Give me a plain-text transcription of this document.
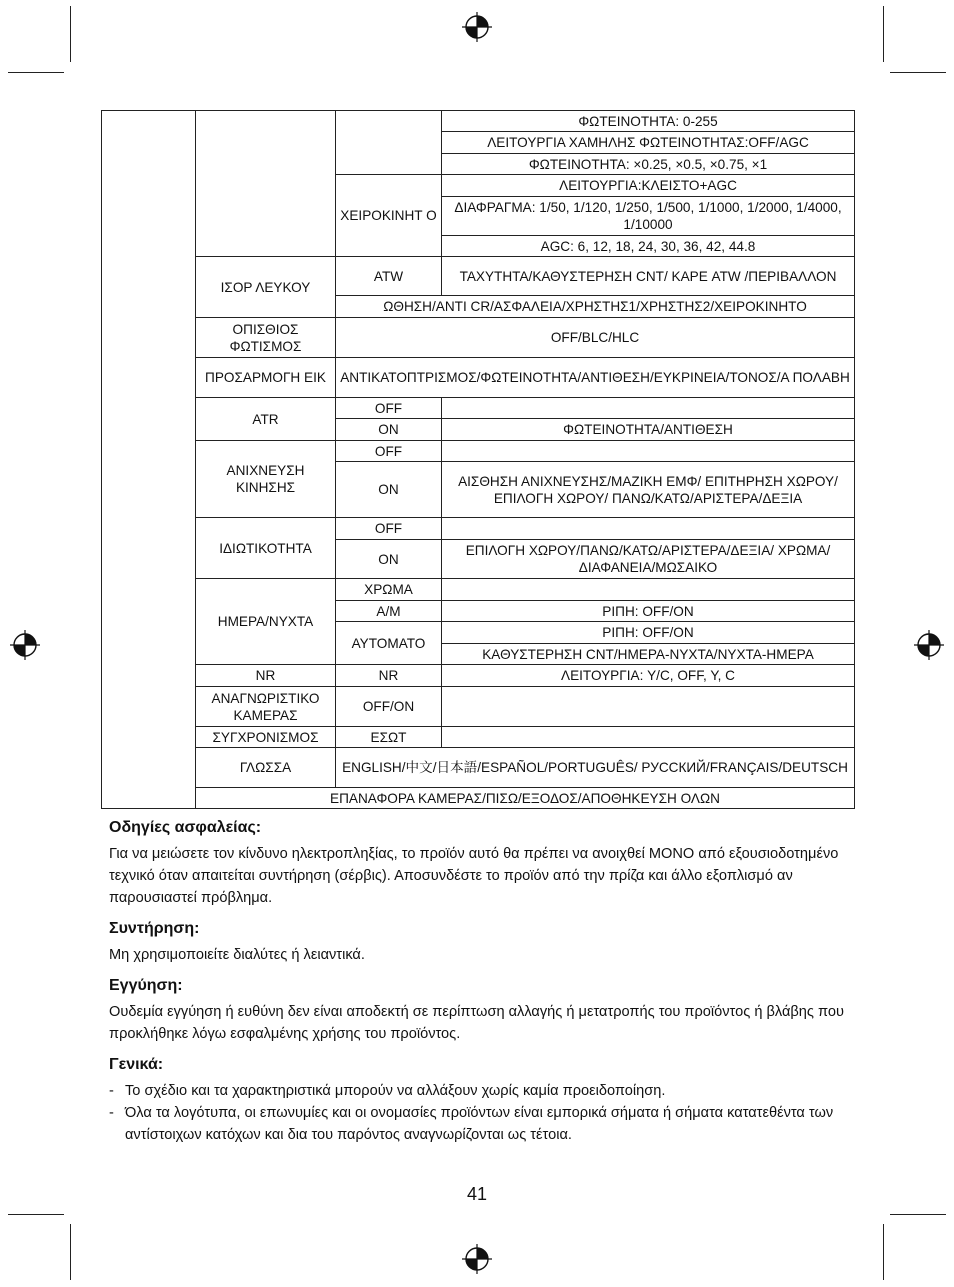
			ΦΩΤΕΙΝΟΤΗΤΑ: 0-255
			ΛΕΙΤΟΥΡΓΙΑ ΧΑΜΗΛΗΣ ΦΩΤΕΙΝΟΤΗΤΑΣ:OFF/AGC
			ΦΩΤΕΙΝΟΤΗΤΑ: ×0.25, ×0.5, ×0.75, ×1
		ΧΕΙΡΟΚΙΝΗΤ Ο	ΛΕΙΤΟΥΡΓΙΑ:ΚΛΕΙΣΤΟ+AGC
			ΔΙΑΦΡΑΓΜΑ: 1/50, 1/120, 1/250, 1/500, 1/1000, 1/2000, 1/4000, 1/10000
			AGC: 6, 12, 18, 24, 30, 36, 42, 44.8
	ΙΣΟΡ ΛΕΥΚΟΥ	ATW	ΤΑΧΥΤΗΤΑ/ΚΑΘΥΣΤΕΡΗΣΗ CNT/ ΚΑΡΕ ATW /ΠΕΡΙΒΑΛΛΟΝ
		ΩΘΗΣΗ/ΑΝΤΙ CR/ΑΣΦΑΛΕΙΑ/ΧΡΗΣΤΗΣ1/ΧΡΗΣΤΗΣ2/ΧΕΙΡΟΚΙΝΗΤΟ	
	ΟΠΙΣΘΙΟΣ ΦΩΤΙΣΜΟΣ	OFF/BLC/HLC	
	ΠΡΟΣΑΡΜΟΓΗ ΕΙΚ	ΑΝΤΙΚΑΤΟΠΤΡΙΣΜΟΣ/ΦΩΤΕΙΝΟΤΗΤΑ/ΑΝΤΙΘΕΣΗ/ΕΥΚΡΙΝΕΙΑ/ΤΟΝΟΣ/Α ΠΟΛΑΒΗ	
	ATR	OFF	
		ON	ΦΩΤΕΙΝΟΤΗΤΑ/ΑΝΤΙΘΕΣΗ
	ΑΝΙΧΝΕΥΣΗ ΚΙΝΗΣΗΣ	OFF	
		ON	ΑΙΣΘΗΣΗ ΑΝΙΧΝΕΥΣΗΣ/ΜΑΖΙΚΗ ΕΜΦ/ ΕΠΙΤΗΡΗΣΗ ΧΩΡΟΥ/ΕΠΙΛΟΓΗ ΧΩΡΟΥ/ ΠΑΝΩ/ΚΑΤΩ/ΑΡΙΣΤΕΡΑ/ΔΕΞΙΑ
	ΙΔΙΩΤΙΚΟΤΗΤΑ	OFF	
		ON	ΕΠΙΛΟΓΗ ΧΩΡΟΥ/ΠΑΝΩ/ΚΑΤΩ/ΑΡΙΣΤΕΡΑ/ΔΕΞΙΑ/ ΧΡΩΜΑ/ΔΙΑΦΑΝΕΙΑ/ΜΩΣΑΙΚΟ
	ΗΜΕΡΑ/ΝΥΧΤΑ	ΧΡΩΜΑ	
		Α/Μ	ΡΙΠΗ: OFF/ON
		ΑΥΤΟΜΑΤΟ	ΡΙΠΗ: OFF/ON
			ΚΑΘΥΣΤΕΡΗΣΗ CNT/ΗΜΕΡΑ-ΝΥΧΤΑ/ΝΥΧΤΑ-ΗΜΕΡΑ
	NR	NR	ΛΕΙΤΟΥΡΓΙΑ: Y/C, OFF, Y, C
	ΑΝΑΓΝΩΡΙΣΤΙΚΟ ΚΑΜΕΡΑΣ	OFF/ON	
	ΣΥΓΧΡΟΝΙΣΜΟΣ	ΕΣΩΤ	
	ΓΛΩΣΣΑ	ENGLISH/中文/日本語/ESPAÑOL/PORTUGUÊS/ РУССКИЙ/FRANÇAIS/DEUTSCH	
	ΕΠΑΝΑΦΟΡΑ ΚΑΜΕΡΑΣ/ΠΙΣΩ/ΕΞΟΔΟΣ/ΑΠΟΘΗΚΕΥΣΗ ΟΛΩΝ		
Οδηγίες ασφαλείας:

Για να μειώσετε τον κίνδυνο ηλεκτροπληξίας, το προϊόν αυτό θα πρέπει να ανοιχθεί ΜΟΝΟ από εξουσιοδοτημένο τεχνικό όταν απαιτείται συντήρηση (σέρβις). Αποσυνδέστε το προϊόν από την πρίζα και άλλο εξοπλισμό αν παρουσιαστεί πρόβλημα.

Συντήρηση:

Μη χρησιμοποιείτε διαλύτες ή λειαντικά.

Εγγύηση:

Ουδεμία εγγύηση ή ευθύνη δεν είναι αποδεκτή σε περίπτωση αλλαγής ή μετατροπής του προϊόντος ή βλάβης που προκλήθηκε λόγω εσφαλμένης χρήσης του προϊόντος.

Γενικά:
- Το σχέδιο και τα χαρακτηριστικά μπορούν να αλλάξουν χωρίς καμία προειδοποίηση.
- Όλα τα λογότυπα, οι επωνυμίες και οι ονομασίες προϊόντων είναι εμπορικά σήματα ή σήματα κατατεθέντα των αντίστοιχων κατόχων και δια του παρόντος αναγνωρίζονται ως τέτοια.
41
